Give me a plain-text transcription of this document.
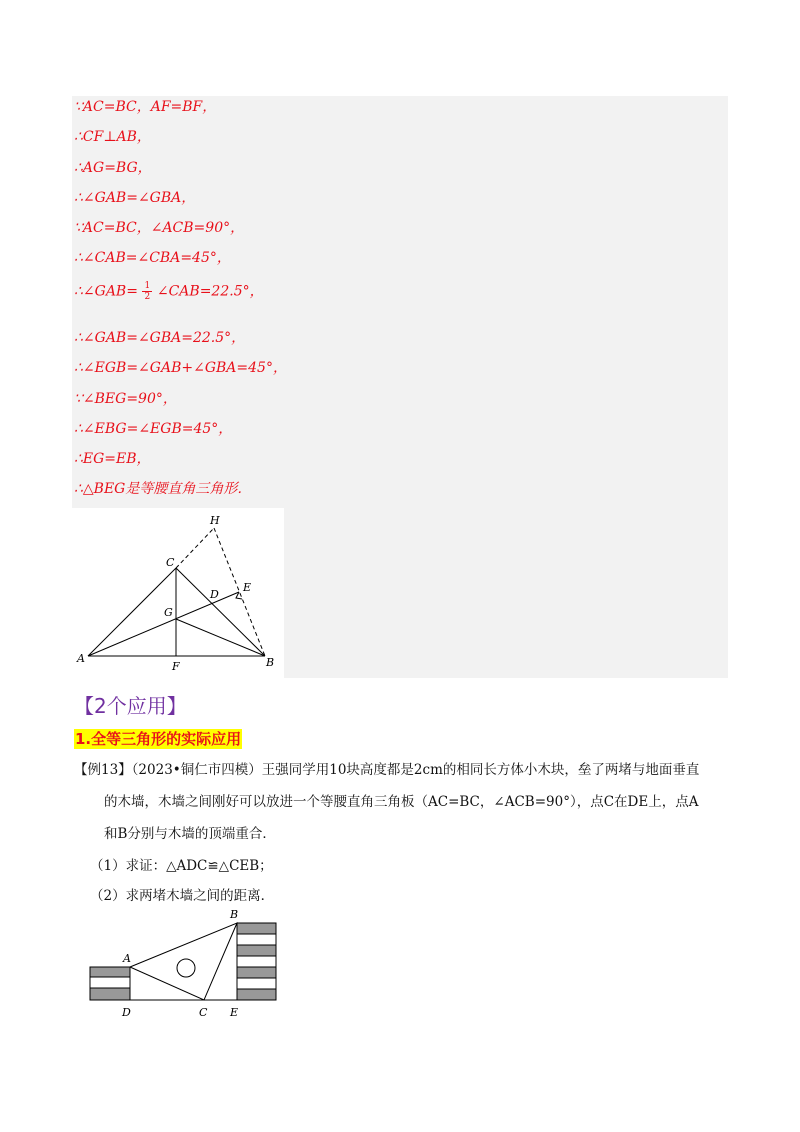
∵AC=BC，AF=BF，
∴CF⊥AB，
∴AG=BG，
∴∠GAB=∠GBA，
∵AC=BC，∠ACB=90°，
∴∠CAB=∠CBA=45°，
∴∠GAB= $\frac{1}{2}$ ∠CAB=22.5°，
∴∠GAB=∠GBA=22.5°，
∴∠EGB=∠GAB+∠GBA=45°，
∵∠BEG=90°，
∴∠EBG=∠EGB=45°，
∴EG=EB，
∴△BEG是等腰直角三角形．
H
C
E
D
G
A
F	B
【2个应用】
1.全等三角形的实际应用
【例13】（2023•铜仁市四模）王强同学用10块高度都是2cm的相同长方体小木块，垒了两堵与地面垂直
的木墙，木墙之间刚好可以放进一个等腰直角三角板（AC=BC，∠ACB=90°），点C在DE上，点A
和B分别与木墙的顶端重合．
（1）求证：△ADC≌△CEB；
（2）求两堵木墙之间的距离．
A
B
D	C E
